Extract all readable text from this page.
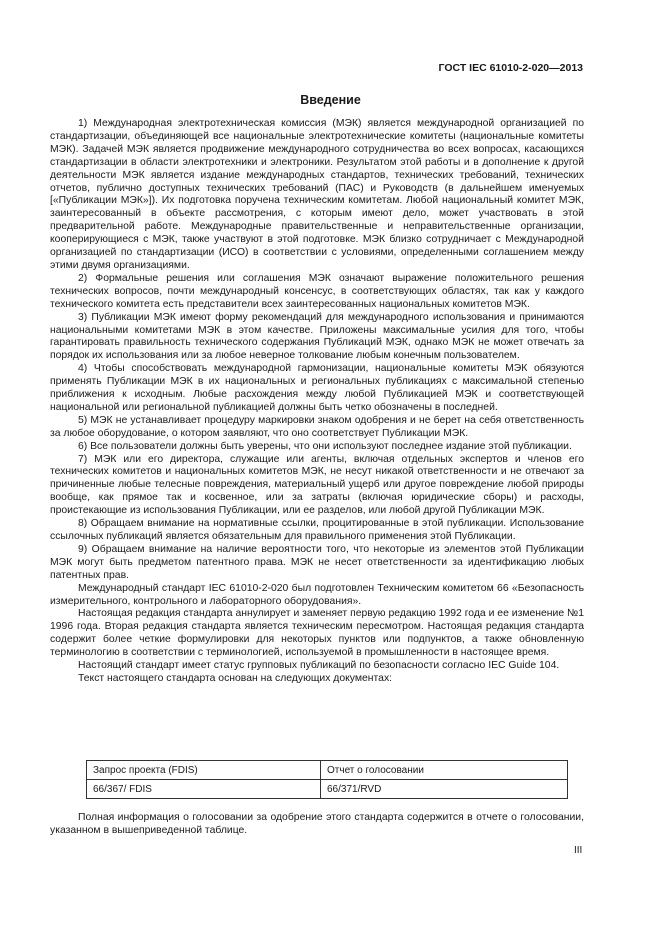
ГОСТ IEC 61010-2-020—2013
Введение

1) Международная электротехническая комиссия (МЭК) является международной организацией по стандартизации, объединяющей все национальные электротехнические комитеты (национальные комитеты МЭК). Задачей МЭК является продвижение международного сотрудничества во всех вопросах, касающихся стандартизации в области электротехники и электроники. Результатом этой работы и в дополнение к другой деятельности МЭК является издание международных стандартов, технических требований, технических отчетов, публично доступных технических требований (ПАС) и Руководств (в дальнейшем именуемых [«Публикации МЭК»]). Их подготовка поручена техническим комитетам. Любой национальный комитет МЭК, заинтересованный в объекте рассмотрения, с которым имеют дело, может участвовать в этой предварительной работе. Международные правительственные и неправительственные организации, кооперирующиеся с МЭК, также участвуют в этой подготовке. МЭК близко сотрудничает с Международной организацией по стандартизации (ИСО) в соответствии с условиями, определенными соглашением между этими двумя организациями.

2) Формальные решения или соглашения МЭК означают выражение положительного решения технических вопросов, почти международный консенсус, в соответствующих областях, так как у каждого технического комитета есть представители всех заинтересованных национальных комитетов МЭК.

3) Публикации МЭК имеют форму рекомендаций для международного использования и принимаются национальными комитетами МЭК в этом качестве. Приложены максимальные усилия для того, чтобы гарантировать правильность технического содержания Публикаций МЭК, однако МЭК не может отвечать за порядок их использования или за любое неверное толкование любым конечным пользователем.

4) Чтобы способствовать международной гармонизации, национальные комитеты МЭК обязуются применять Публикации МЭК в их национальных и региональных публикациях с максимальной степенью приближения к исходным. Любые расхождения между любой Публикацией МЭК и соответствующей национальной или региональной публикацией должны быть четко обозначены в последней.

5) МЭК не устанавливает процедуру маркировки знаком одобрения и не берет на себя ответственность за любое оборудование, о котором заявляют, что оно соответствует Публикации МЭК.

6) Все пользователи должны быть уверены, что они используют последнее издание этой публикации.

7) МЭК или его директора, служащие или агенты, включая отдельных экспертов и членов его технических комитетов и национальных комитетов МЭК, не несут никакой ответственности и не отвечают за причиненные любые телесные повреждения, материальный ущерб или другое повреждение любой природы вообще, как прямое так и косвенное, или за затраты (включая юридические сборы) и расходы, проистекающие из использования Публикации, или ее разделов, или любой другой Публикации МЭК.

8) Обращаем внимание на нормативные ссылки, процитированные в этой публикации. Использование ссылочных публикаций является обязательным для правильного применения этой Публикации.

9) Обращаем внимание на наличие вероятности того, что некоторые из элементов этой Публикации МЭК могут быть предметом патентного права. МЭК не несет ответственности за идентификацию любых патентных прав.

Международный стандарт IEC 61010-2-020 был подготовлен Техническим комитетом 66 «Безопасность измерительного, контрольного и лабораторного оборудования».

Настоящая редакция стандарта аннулирует и заменяет первую редакцию 1992 года и ее изменение №1 1996 года. Вторая редакция стандарта является техническим пересмотром. Настоящая редакция стандарта содержит более четкие формулировки для некоторых пунктов или подпунктов, а также обновленную терминологию в соответствии с терминологией, используемой в промышленности в настоящее время.

Настоящий стандарт имеет статус групповых публикаций по безопасности согласно IEC Guide 104.

Текст настоящего стандарта основан на следующих документах:

Запрос проекта (FDIS)	Отчет о голосовании
66/367/ FDIS	66/371/RVD

Полная информация о голосовании за одобрение этого стандарта содержится в отчете о голосовании, указанном в вышеприведенной таблице.

III
